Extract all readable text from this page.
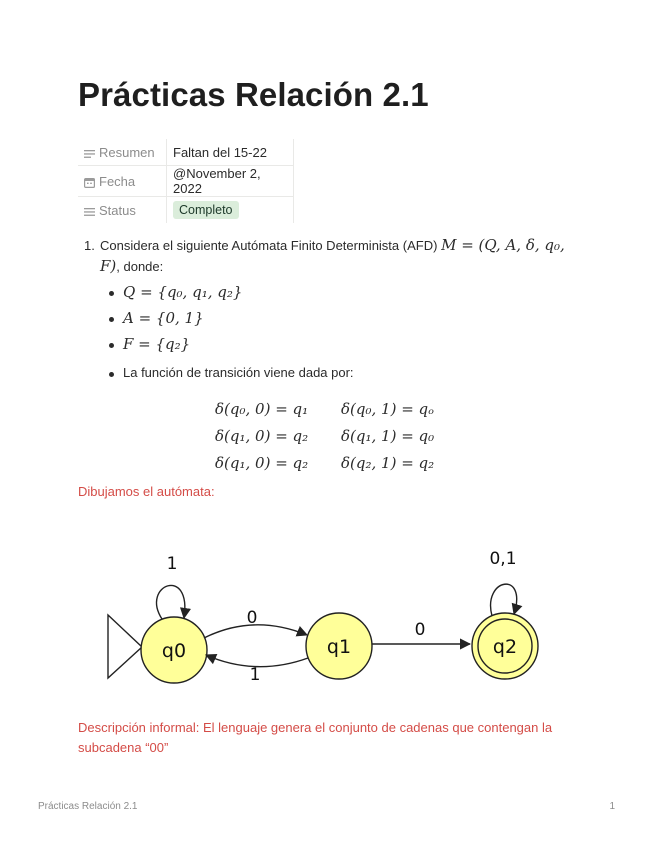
Prácticas Relación 2.1
Resumen	Faltan del 15-22
Fecha	@November 2, 2022
Status	Completo
1. Considera el siguiente Autómata Finito Determinista (AFD) M = (Q, A, δ, q₀, F), donde:
Q = {q₀, q₁, q₂}
A = {0, 1}
F = {q₂}
La función de transición viene dada por:
δ(q₀, 0) = q₁ δ(q₀, 1) = qₒ
δ(q₁, 0) = q₂ δ(q₁, 1) = q₀
δ(q₁, 0) = q₂ δ(q₂, 1) = q₂
Dibujamos el autómata:
q0	q1	q2
1
0
1
0
0,1
Descripción informal: El lenguaje genera el conjunto de cadenas que contengan la subcadena “00”
Prácticas Relación 2.1	1
